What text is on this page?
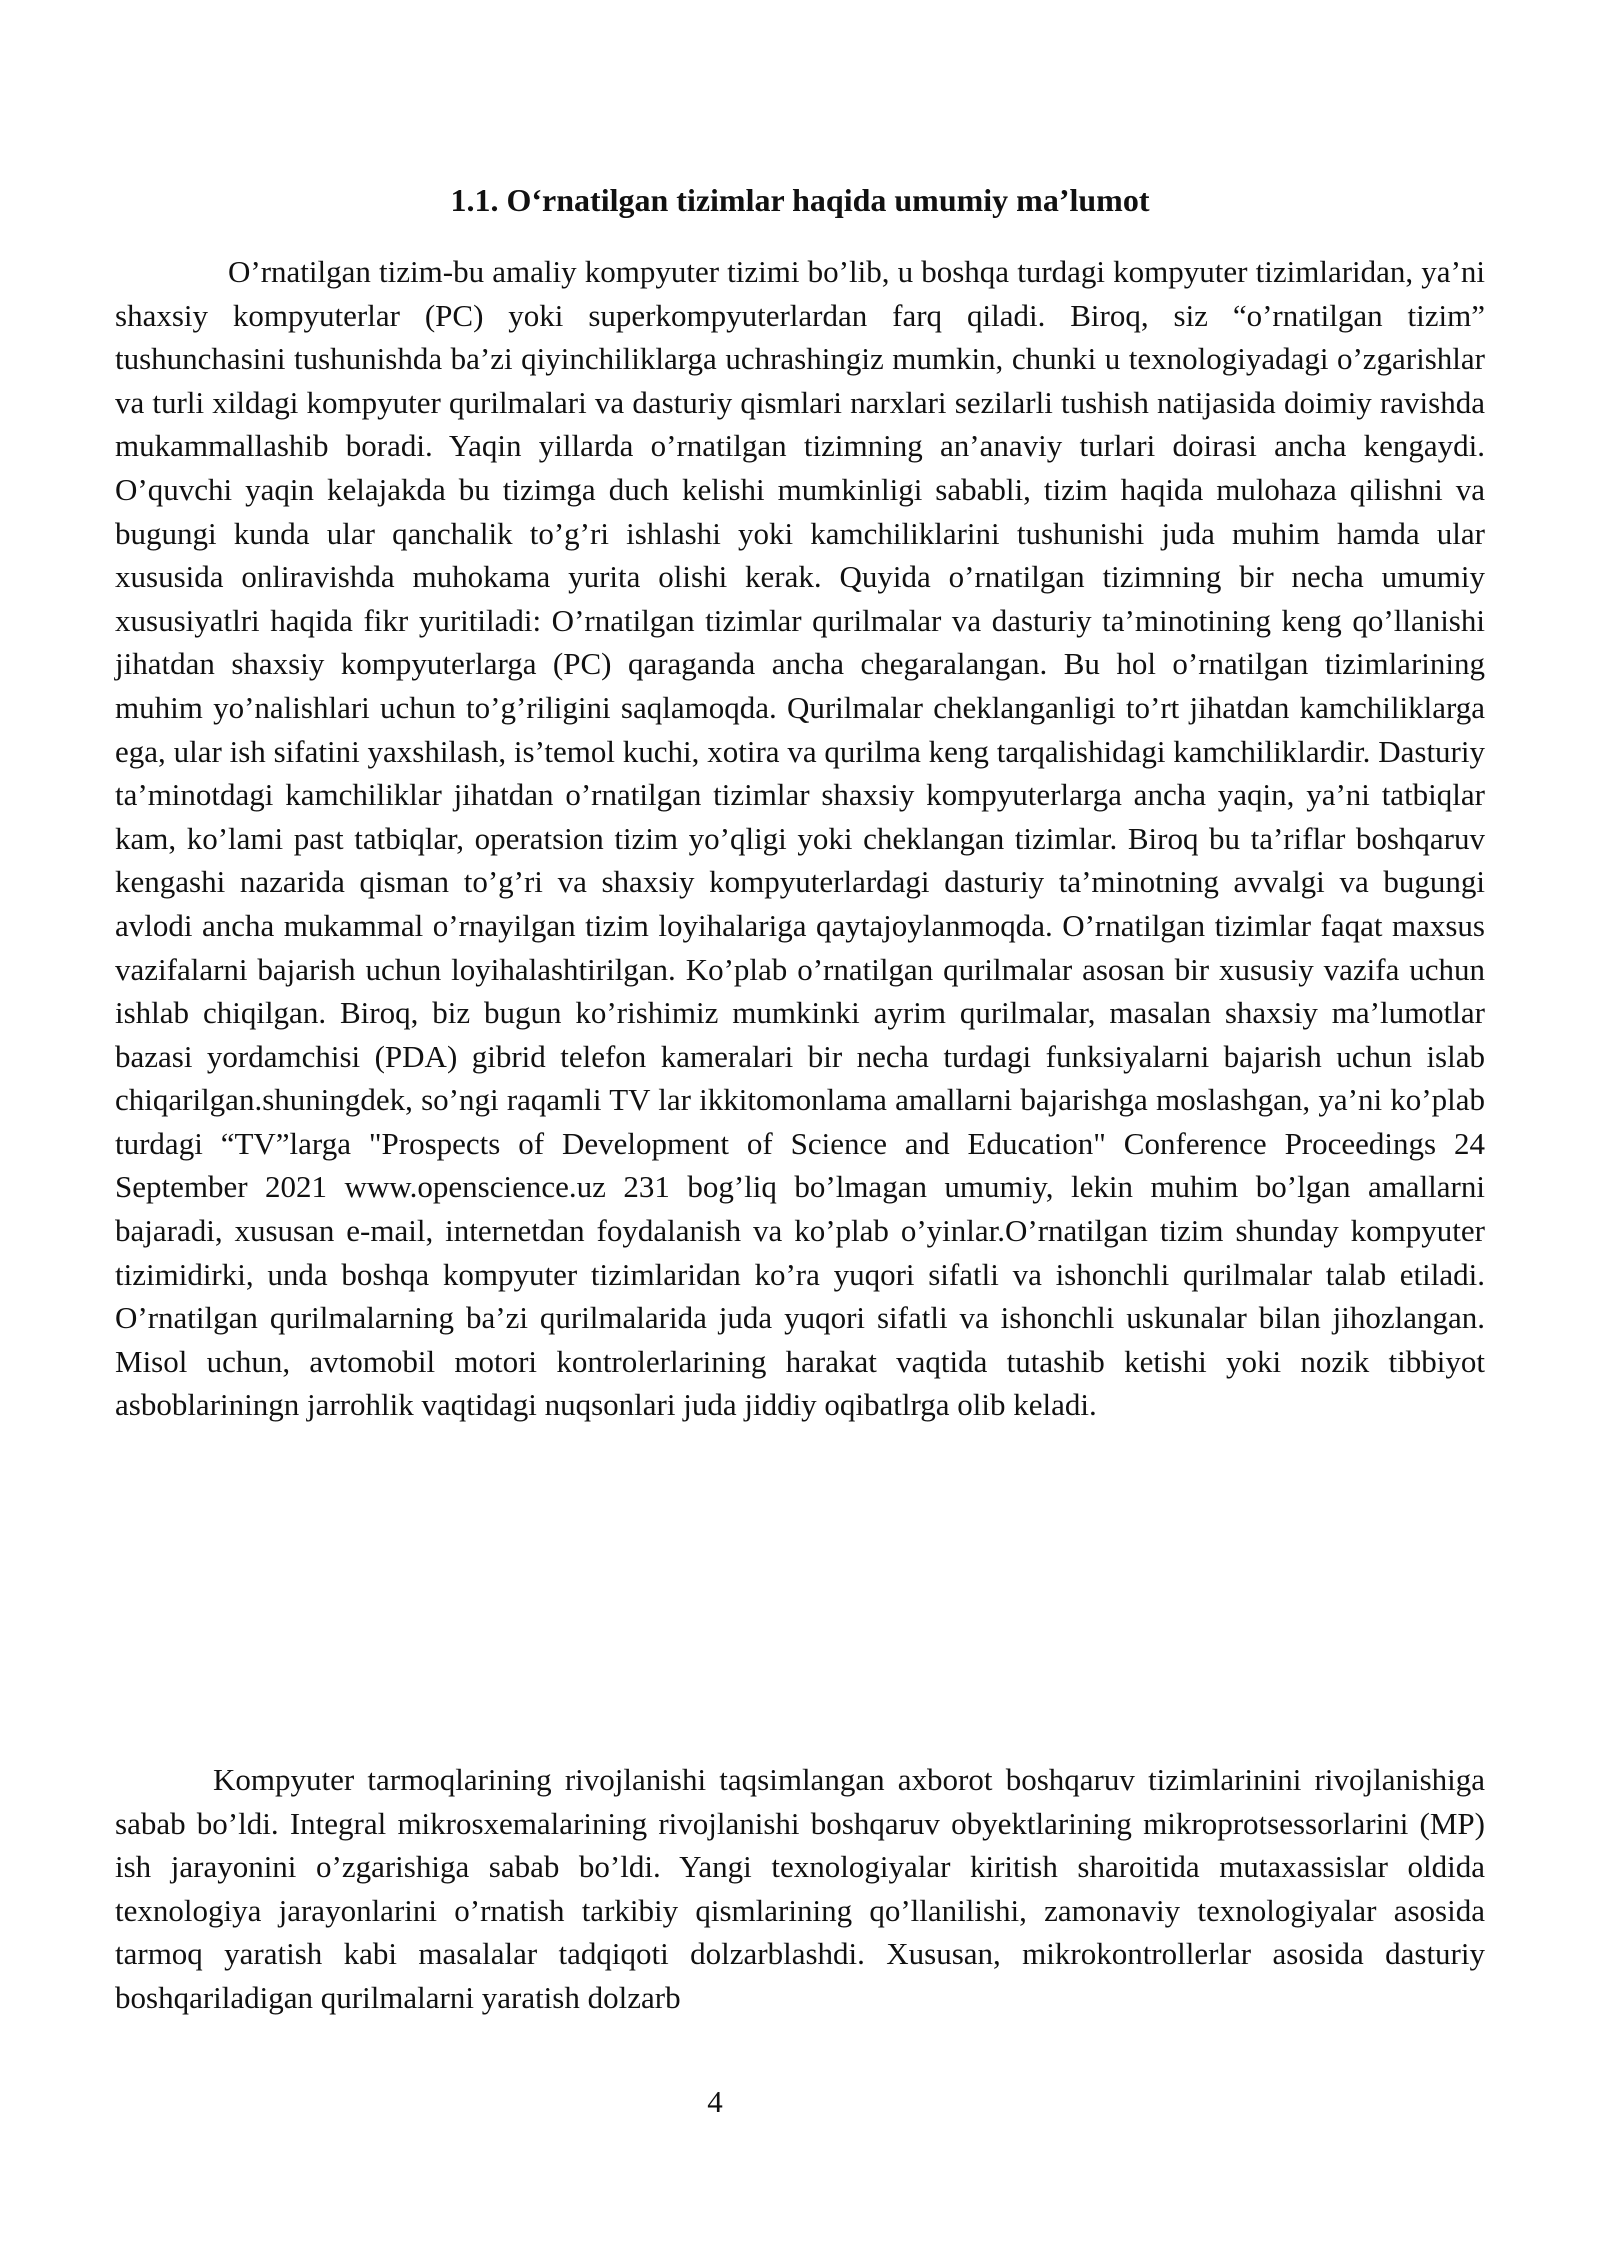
1.1. O‘rnatilgan tizimlar haqida umumiy ma’lumot

O’rnatilgan tizim-bu amaliy kompyuter tizimi bo’lib, u boshqa turdagi kompyuter tizimlaridan, ya’ni shaxsiy kompyuterlar (PC) yoki superkompyuterlardan farq qiladi. Biroq, siz “o’rnatilgan tizim” tushunchasini tushunishda ba’zi qiyinchiliklarga uchrashingiz mumkin, chunki u texnologiyadagi o’zgarishlar va turli xildagi kompyuter qurilmalari va dasturiy qismlari narxlari sezilarli tushish natijasida doimiy ravishda mukammallashib boradi. Yaqin yillarda o’rnatilgan tizimning an’anaviy turlari doirasi ancha kengaydi. O’quvchi yaqin kelajakda bu tizimga duch kelishi mumkinligi sababli, tizim haqida mulohaza qilishni va bugungi kunda ular qanchalik to’g’ri ishlashi yoki kamchiliklarini tushunishi juda muhim hamda ular xususida onliravishda muhokama yurita olishi kerak. Quyida o’rnatilgan tizimning bir necha umumiy xususiyatlri haqida fikr yuritiladi: O’rnatilgan tizimlar qurilmalar va dasturiy ta’minotining keng qo’llanishi jihatdan shaxsiy kompyuterlarga (PC) qaraganda ancha chegaralangan. Bu hol o’rnatilgan tizimlarining muhim yo’nalishlari uchun to’g’riligini saqlamoqda. Qurilmalar cheklanganligi to’rt jihatdan kamchiliklarga ega, ular ish sifatini yaxshilash, is’temol kuchi, xotira va qurilma keng tarqalishidagi kamchiliklardir. Dasturiy ta’minotdagi kamchiliklar jihatdan o’rnatilgan tizimlar shaxsiy kompyuterlarga ancha yaqin, ya’ni tatbiqlar kam, ko’lami past tatbiqlar, operatsion tizim yo’qligi yoki cheklangan tizimlar. Biroq bu ta’riflar boshqaruv kengashi nazarida qisman to’g’ri va shaxsiy kompyuterlardagi dasturiy ta’minotning avvalgi va bugungi avlodi ancha mukammal o’rnayilgan tizim loyihalariga qaytajoylanmoqda. O’rnatilgan tizimlar faqat maxsus vazifalarni bajarish uchun loyihalashtirilgan. Ko’plab o’rnatilgan qurilmalar asosan bir xususiy vazifa uchun ishlab chiqilgan. Biroq, biz bugun ko’rishimiz mumkinki ayrim qurilmalar, masalan shaxsiy ma’lumotlar bazasi yordamchisi (PDA) gibrid telefon kameralari bir necha turdagi funksiyalarni bajarish uchun islab chiqarilgan.shuningdek, so’ngi raqamli TV lar ikkitomonlama amallarni bajarishga moslashgan, ya’ni ko’plab turdagi “TV”larga "Prospects of Development of Science and Education" Conference Proceedings 24 September 2021 www.openscience.uz 231 bog’liq bo’lmagan umumiy, lekin muhim bo’lgan amallarni bajaradi, xususan e-mail, internetdan foydalanish va ko’plab o’yinlar.O’rnatilgan tizim shunday kompyuter tizimidirki, unda boshqa kompyuter tizimlaridan ko’ra yuqori sifatli va ishonchli qurilmalar talab etiladi. O’rnatilgan qurilmalarning ba’zi qurilmalarida juda yuqori sifatli va ishonchli uskunalar bilan jihozlangan. Misol uchun, avtomobil motori kontrolerlarining harakat vaqtida tutashib ketishi yoki nozik tibbiyot asboblariningn jarrohlik vaqtidagi nuqsonlari juda jiddiy oqibatlrga olib keladi.

Kompyuter tarmoqlarining rivojlanishi taqsimlangan axborot boshqaruv tizimlarinini rivojlanishiga sabab bo’ldi. Integral mikrosxemalarining rivojlanishi boshqaruv obyektlarining mikroprotsessorlarini (MP) ish jarayonini o’zgarishiga sabab bo’ldi. Yangi texnologiyalar kiritish sharoitida mutaxassislar oldida texnologiya jarayonlarini o’rnatish tarkibiy qismlarining qo’llanilishi, zamonaviy texnologiyalar asosida tarmoq yaratish kabi masalalar tadqiqoti dolzarblashdi. Xususan, mikrokontrollerlar asosida dasturiy boshqariladigan qurilmalarni yaratish dolzarb

4
